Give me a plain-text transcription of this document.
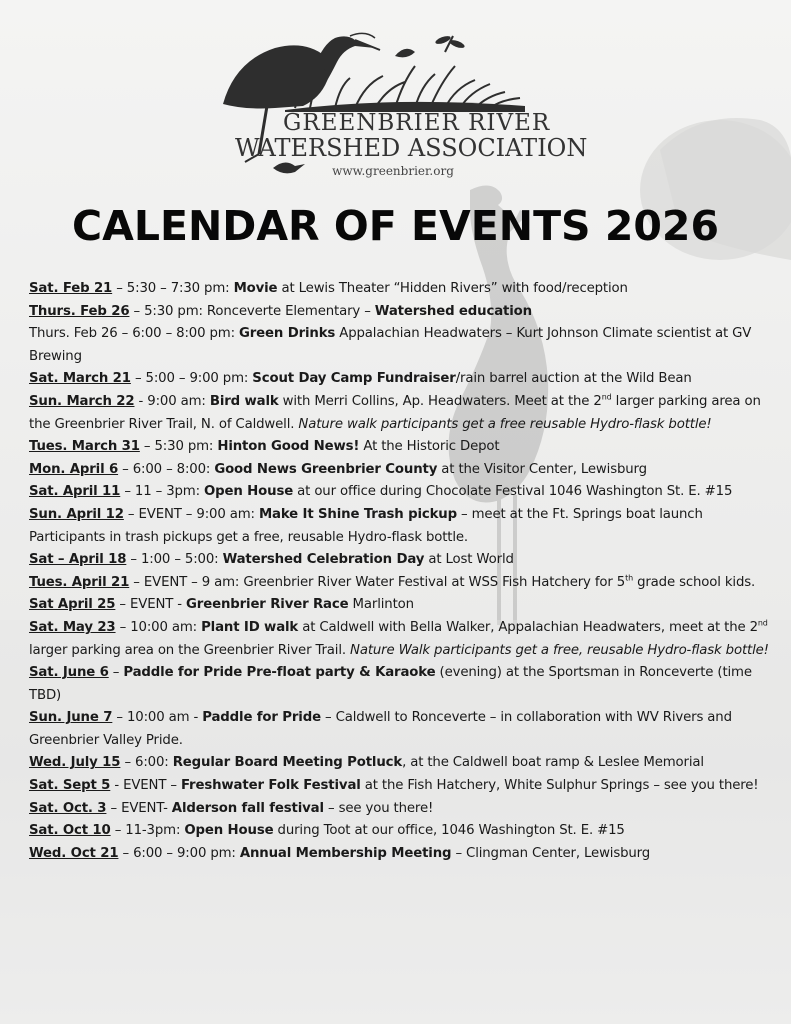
GREENBRIER RIVER
WATERSHED ASSOCIATION
www.greenbrier.org
CALENDAR OF EVENTS 2026
Sat. Feb 21 – 5:30 – 7:30 pm: Movie at Lewis Theater “Hidden Rivers” with food/reception
Thurs. Feb 26 – 5:30 pm: Ronceverte Elementary – Watershed education
Thurs. Feb 26 – 6:00 – 8:00 pm: Green Drinks Appalachian Headwaters – Kurt Johnson Climate scientist at GV Brewing
Sat. March 21 – 5:00 – 9:00 pm: Scout Day Camp Fundraiser/rain barrel auction at the Wild Bean
Sun. March 22 - 9:00 am: Bird walk with Merri Collins, Ap. Headwaters. Meet at the 2nd larger parking area on the Greenbrier River Trail, N. of Caldwell. Nature walk participants get a free reusable Hydro-flask bottle!
Tues. March 31 – 5:30 pm: Hinton Good News! At the Historic Depot
Mon. April 6 – 6:00 – 8:00: Good News Greenbrier County at the Visitor Center, Lewisburg
Sat. April 11 – 11 – 3pm: Open House at our office during Chocolate Festival 1046 Washington St. E. #15
Sun. April 12 – EVENT – 9:00 am: Make It Shine Trash pickup – meet at the Ft. Springs boat launch Participants in trash pickups get a free, reusable Hydro-flask bottle.
Sat – April 18 – 1:00 – 5:00: Watershed Celebration Day at Lost World
Tues. April 21 – EVENT – 9 am: Greenbrier River Water Festival at WSS Fish Hatchery for 5th grade school kids.
Sat April 25 – EVENT - Greenbrier River Race Marlinton
Sat. May 23 – 10:00 am: Plant ID walk at Caldwell with Bella Walker, Appalachian Headwaters, meet at the 2nd larger parking area on the Greenbrier River Trail. Nature Walk participants get a free, reusable Hydro-flask bottle!
Sat. June 6 – Paddle for Pride Pre-float party & Karaoke (evening) at the Sportsman in Ronceverte (time TBD)
Sun. June 7 – 10:00 am - Paddle for Pride – Caldwell to Ronceverte – in collaboration with WV Rivers and Greenbrier Valley Pride.
Wed. July 15 – 6:00: Regular Board Meeting Potluck, at the Caldwell boat ramp & Leslee Memorial
Sat. Sept 5 - EVENT – Freshwater Folk Festival at the Fish Hatchery, White Sulphur Springs – see you there!
Sat. Oct. 3 – EVENT- Alderson fall festival – see you there!
Sat. Oct 10 – 11-3pm: Open House during Toot at our office, 1046 Washington St. E. #15
Wed. Oct 21 – 6:00 – 9:00 pm: Annual Membership Meeting – Clingman Center, Lewisburg
